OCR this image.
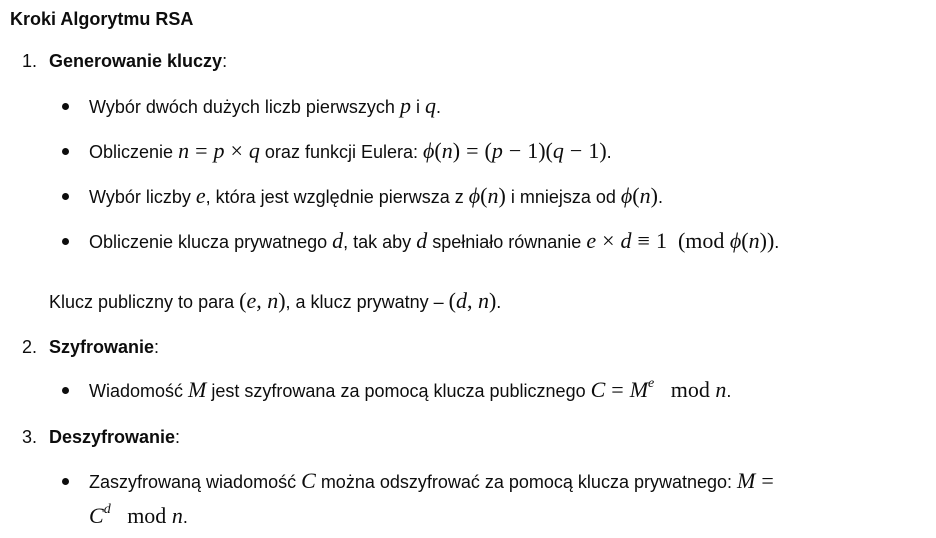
Kroki Algorytmu RSA
1. Generowanie kluczy:
Wybór dwóch dużych liczb pierwszych p i q.
Obliczenie n = p × q oraz funkcji Eulera: ϕ(n) = (p − 1)(q − 1).
Wybór liczby e, która jest względnie pierwsza z ϕ(n) i mniejsza od ϕ(n).
Obliczenie klucza prywatnego d, tak aby d spełniało równanie e × d ≡ 1 (mod ϕ(n)).
Klucz publiczny to para (e, n), a klucz prywatny – (d, n).
2. Szyfrowanie:
Wiadomość M jest szyfrowana za pomocą klucza publicznego $C = M^e$ mod n.
3. Deszyfrowanie:
Zaszyfrowaną wiadomość C można odszyfrować za pomocą klucza prywatnego: M =
$C^d$ mod n.
